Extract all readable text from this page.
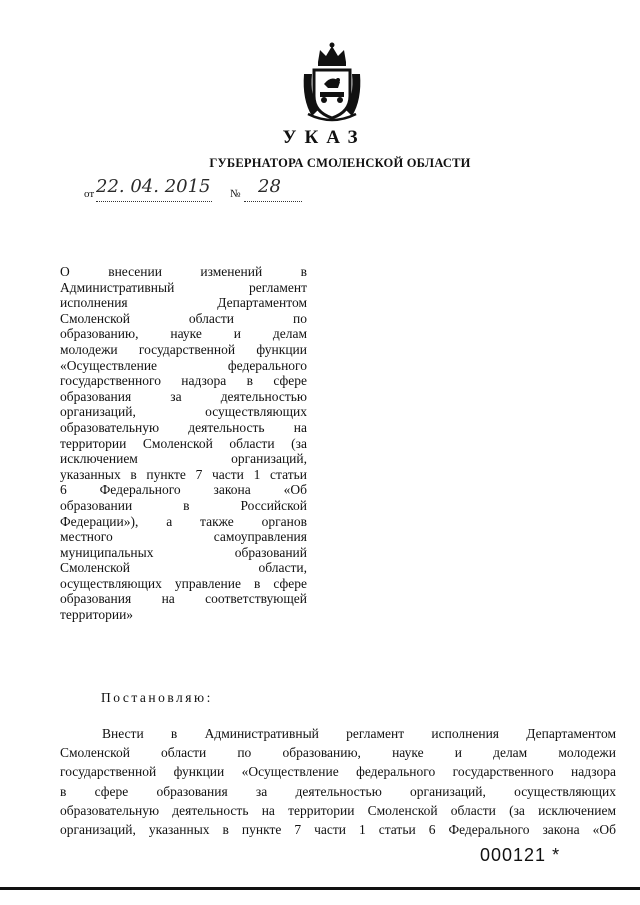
УКАЗ
ГУБЕРНАТОРА СМОЛЕНСКОЙ ОБЛАСТИ
от 22. 04. 2015 № 28
О внесении изменений в
Административный регламент
исполнения Департаментом
Смоленской области по
образованию, науке и делам
молодежи государственной функции
«Осуществление федерального
государственного надзора в сфере
образования за деятельностью
организаций, осуществляющих
образовательную деятельность на
территории Смоленской области (за
исключением организаций,
указанных в пункте 7 части 1 статьи
6 Федерального закона «Об
образовании в Российской
Федерации»), а также органов
местного самоуправления
муниципальных образований
Смоленской области,
осуществляющих управление в сфере
образования на соответствующей
территории»
Постановляю:
Внести в Административный регламент исполнения Департаментом
Смоленской области по образованию, науке и делам молодежи
государственной функции «Осуществление федерального государственного надзора
в сфере образования за деятельностью организаций, осуществляющих
образовательную деятельность на территории Смоленской области (за исключением
организаций, указанных в пункте 7 части 1 статьи 6 Федерального закона «Об
000121 *
